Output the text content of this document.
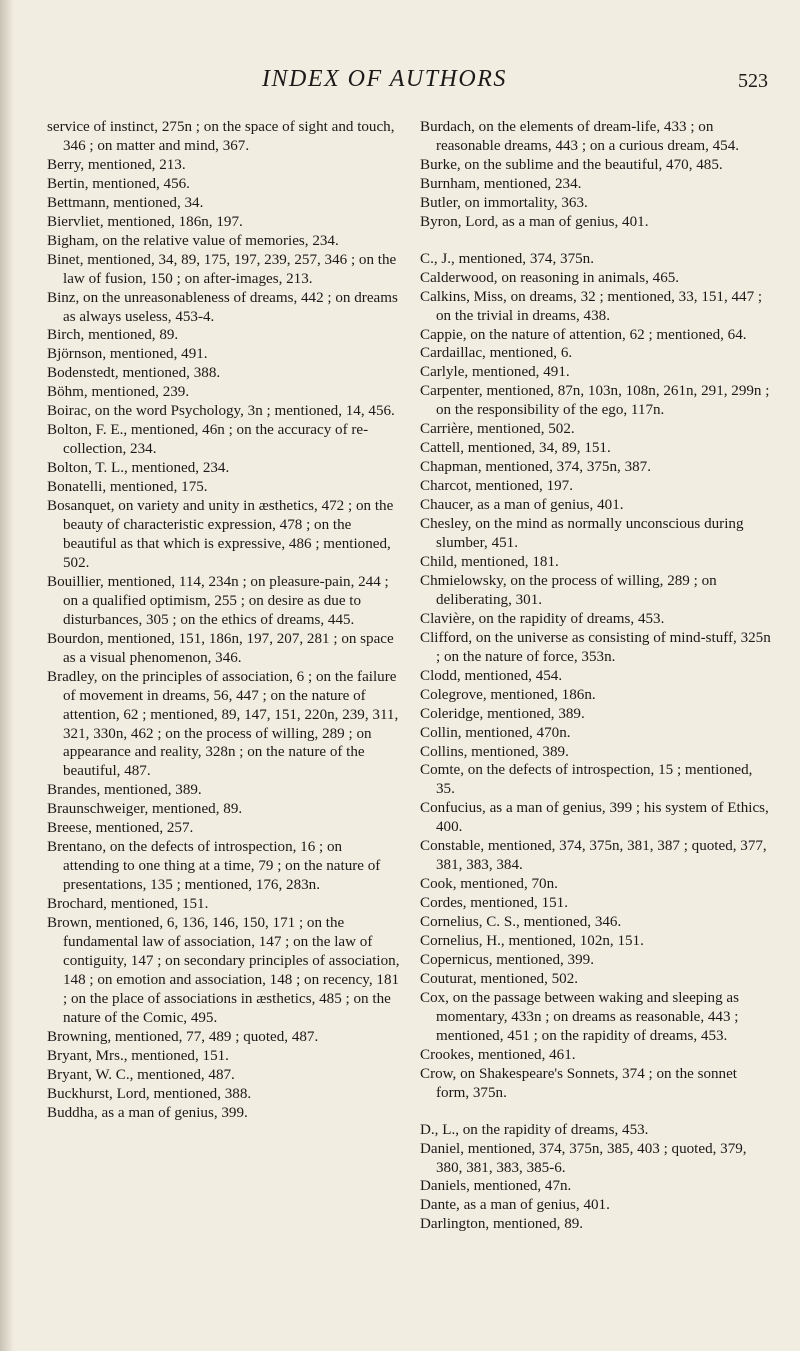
INDEX OF AUTHORS	523

service of instinct, 275n ; on the space of sight and touch, 346 ; on matter and mind, 367.

Berry, mentioned, 213.

Bertin, mentioned, 456.

Bettmann, mentioned, 34.

Biervliet, mentioned, 186n, 197.

Bigham, on the relative value of memories, 234.

Binet, mentioned, 34, 89, 175, 197, 239, 257, 346 ; on the law of fusion, 150 ; on after-images, 213.

Binz, on the unreasonableness of dreams, 442 ; on dreams as always useless, 453-4.

Birch, mentioned, 89.

Björnson, mentioned, 491.

Bodenstedt, mentioned, 388.

Böhm, mentioned, 239.

Boirac, on the word Psychology, 3n ; mentioned, 14, 456.

Bolton, F. E., mentioned, 46n ; on the accuracy of re-collection, 234.

Bolton, T. L., mentioned, 234.

Bonatelli, mentioned, 175.

Bosanquet, on variety and unity in æsthetics, 472 ; on the beauty of characteristic expression, 478 ; on the beautiful as that which is expressive, 486 ; mentioned, 502.

Bouillier, mentioned, 114, 234n ; on pleasure-pain, 244 ; on a qualified optimism, 255 ; on desire as due to disturbances, 305 ; on the ethics of dreams, 445.

Bourdon, mentioned, 151, 186n, 197, 207, 281 ; on space as a visual phenomenon, 346.

Bradley, on the principles of association, 6 ; on the failure of movement in dreams, 56, 447 ; on the nature of attention, 62 ; mentioned, 89, 147, 151, 220n, 239, 311, 321, 330n, 462 ; on the process of willing, 289 ; on appearance and reality, 328n ; on the nature of the beautiful, 487.

Brandes, mentioned, 389.

Braunschweiger, mentioned, 89.

Breese, mentioned, 257.

Brentano, on the defects of introspection, 16 ; on attending to one thing at a time, 79 ; on the nature of presentations, 135 ; mentioned, 176, 283n.

Brochard, mentioned, 151.

Brown, mentioned, 6, 136, 146, 150, 171 ; on the fundamental law of association, 147 ; on the law of contiguity, 147 ; on secondary principles of association, 148 ; on emotion and association, 148 ; on recency, 181 ; on the place of associations in æsthetics, 485 ; on the nature of the Comic, 495.

Browning, mentioned, 77, 489 ; quoted, 487.

Bryant, Mrs., mentioned, 151.

Bryant, W. C., mentioned, 487.

Buckhurst, Lord, mentioned, 388.

Buddha, as a man of genius, 399.

Burdach, on the elements of dream-life, 433 ; on reasonable dreams, 443 ; on a curious dream, 454.

Burke, on the sublime and the beautiful, 470, 485.

Burnham, mentioned, 234.

Butler, on immortality, 363.

Byron, Lord, as a man of genius, 401.

C., J., mentioned, 374, 375n.

Calderwood, on reasoning in animals, 465.

Calkins, Miss, on dreams, 32 ; mentioned, 33, 151, 447 ; on the trivial in dreams, 438.

Cappie, on the nature of attention, 62 ; mentioned, 64.

Cardaillac, mentioned, 6.

Carlyle, mentioned, 491.

Carpenter, mentioned, 87n, 103n, 108n, 261n, 291, 299n ; on the responsibility of the ego, 117n.

Carrière, mentioned, 502.

Cattell, mentioned, 34, 89, 151.

Chapman, mentioned, 374, 375n, 387.

Charcot, mentioned, 197.

Chaucer, as a man of genius, 401.

Chesley, on the mind as normally unconscious during slumber, 451.

Child, mentioned, 181.

Chmielowsky, on the process of willing, 289 ; on deliberating, 301.

Clavière, on the rapidity of dreams, 453.

Clifford, on the universe as consisting of mind-stuff, 325n ; on the nature of force, 353n.

Clodd, mentioned, 454.

Colegrove, mentioned, 186n.

Coleridge, mentioned, 389.

Collin, mentioned, 470n.

Collins, mentioned, 389.

Comte, on the defects of introspection, 15 ; mentioned, 35.

Confucius, as a man of genius, 399 ; his system of Ethics, 400.

Constable, mentioned, 374, 375n, 381, 387 ; quoted, 377, 381, 383, 384.

Cook, mentioned, 70n.

Cordes, mentioned, 151.

Cornelius, C. S., mentioned, 346.

Cornelius, H., mentioned, 102n, 151.

Copernicus, mentioned, 399.

Couturat, mentioned, 502.

Cox, on the passage between waking and sleeping as momentary, 433n ; on dreams as reasonable, 443 ; mentioned, 451 ; on the rapidity of dreams, 453.

Crookes, mentioned, 461.

Crow, on Shakespeare's Sonnets, 374 ; on the sonnet form, 375n.

D., L., on the rapidity of dreams, 453.

Daniel, mentioned, 374, 375n, 385, 403 ; quoted, 379, 380, 381, 383, 385-6.

Daniels, mentioned, 47n.

Dante, as a man of genius, 401.

Darlington, mentioned, 89.
